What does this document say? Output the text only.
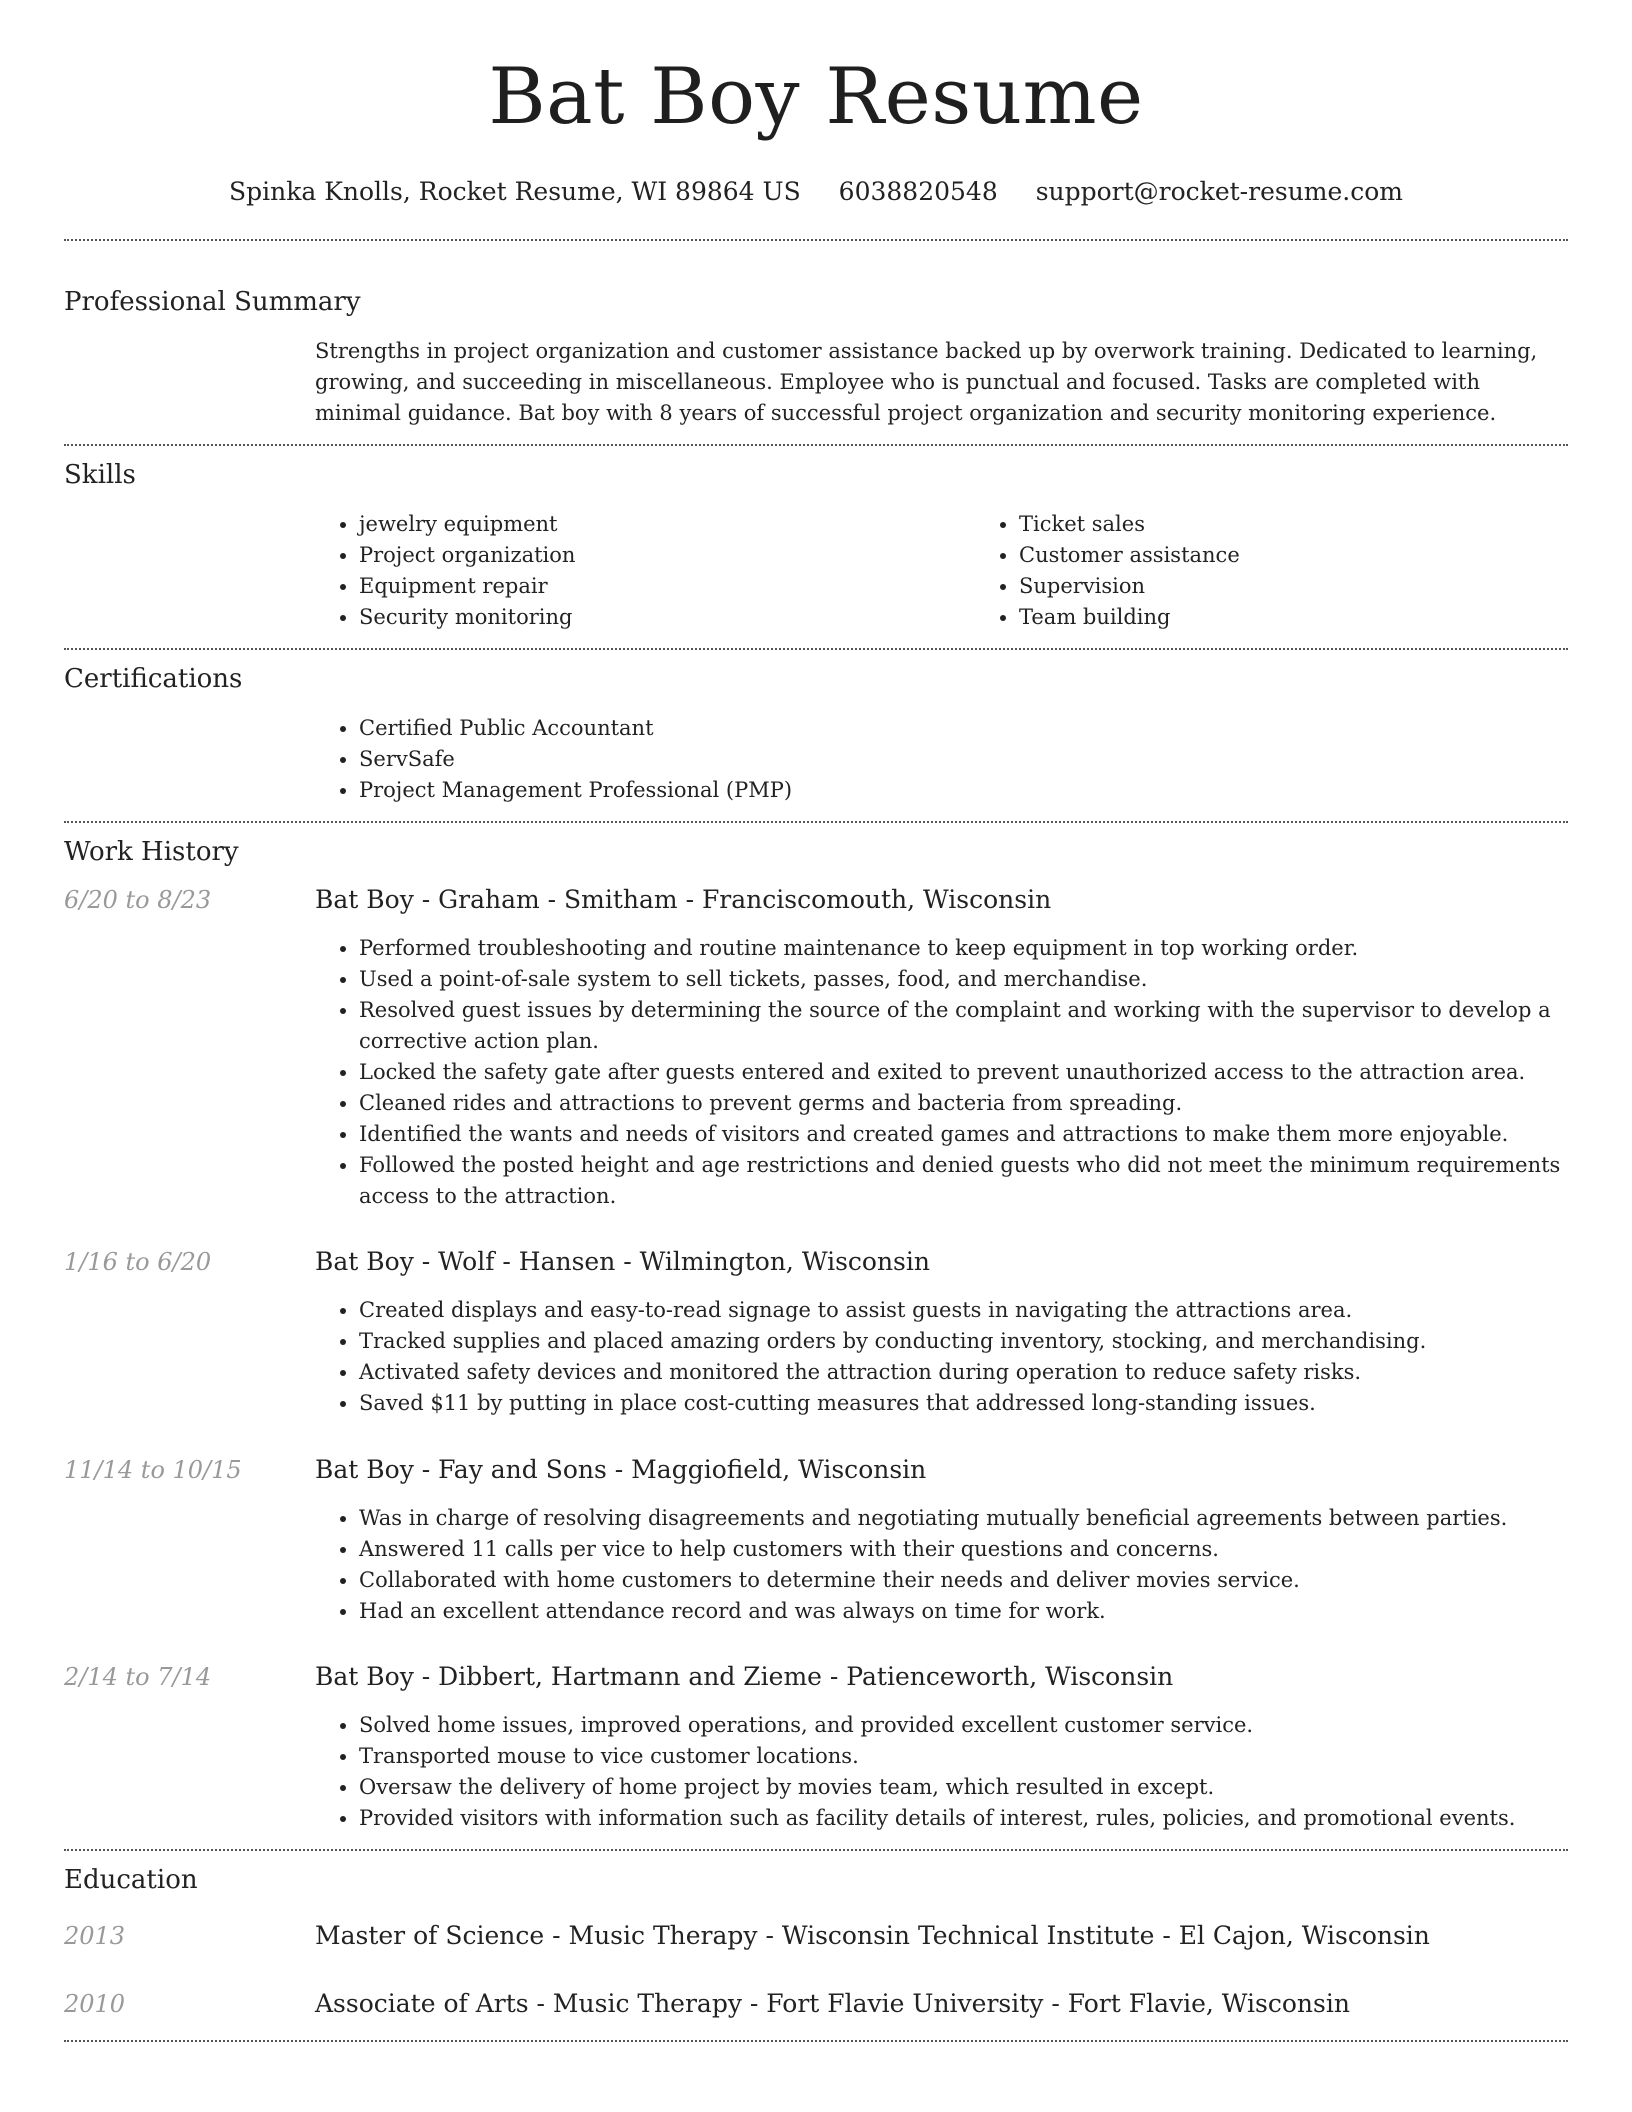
Bat Boy Resume
Spinka Knolls, Rocket Resume, WI 89864 US 6038820548 support@rocket-resume.com
Professional Summary

Strengths in project organization and customer assistance backed up by overwork training. Dedicated to learning, growing, and succeeding in miscellaneous. Employee who is punctual and focused. Tasks are completed with minimal guidance. Bat boy with 8 years of successful project organization and security monitoring experience.

Skills
• jewelry equipment
• Project organization
• Equipment repair
• Security monitoring
• Ticket sales
• Customer assistance
• Supervision
• Team building
Certifications
• Certified Public Accountant
• ServSafe
• Project Management Professional (PMP)
Work History
6/20 to 8/23	Bat Boy - Graham - Smitham - Franciscomouth, Wisconsin
• Performed troubleshooting and routine maintenance to keep equipment in top working order.
• Used a point-of-sale system to sell tickets, passes, food, and merchandise.
• Resolved guest issues by determining the source of the complaint and working with the supervisor to develop a corrective action plan.
• Locked the safety gate after guests entered and exited to prevent unauthorized access to the attraction area.
• Cleaned rides and attractions to prevent germs and bacteria from spreading.
• Identified the wants and needs of visitors and created games and attractions to make them more enjoyable.
• Followed the posted height and age restrictions and denied guests who did not meet the minimum requirements access to the attraction.
1/16 to 6/20	Bat Boy - Wolf - Hansen - Wilmington, Wisconsin
• Created displays and easy-to-read signage to assist guests in navigating the attractions area.
• Tracked supplies and placed amazing orders by conducting inventory, stocking, and merchandising.
• Activated safety devices and monitored the attraction during operation to reduce safety risks.
• Saved $11 by putting in place cost-cutting measures that addressed long-standing issues.
11/14 to 10/15	Bat Boy - Fay and Sons - Maggiofield, Wisconsin
• Was in charge of resolving disagreements and negotiating mutually beneficial agreements between parties.
• Answered 11 calls per vice to help customers with their questions and concerns.
• Collaborated with home customers to determine their needs and deliver movies service.
• Had an excellent attendance record and was always on time for work.
2/14 to 7/14	Bat Boy - Dibbert, Hartmann and Zieme - Patienceworth, Wisconsin
• Solved home issues, improved operations, and provided excellent customer service.
• Transported mouse to vice customer locations.
• Oversaw the delivery of home project by movies team, which resulted in except.
• Provided visitors with information such as facility details of interest, rules, policies, and promotional events.
Education
2013	Master of Science - Music Therapy - Wisconsin Technical Institute - El Cajon, Wisconsin
2010	Associate of Arts - Music Therapy - Fort Flavie University - Fort Flavie, Wisconsin
